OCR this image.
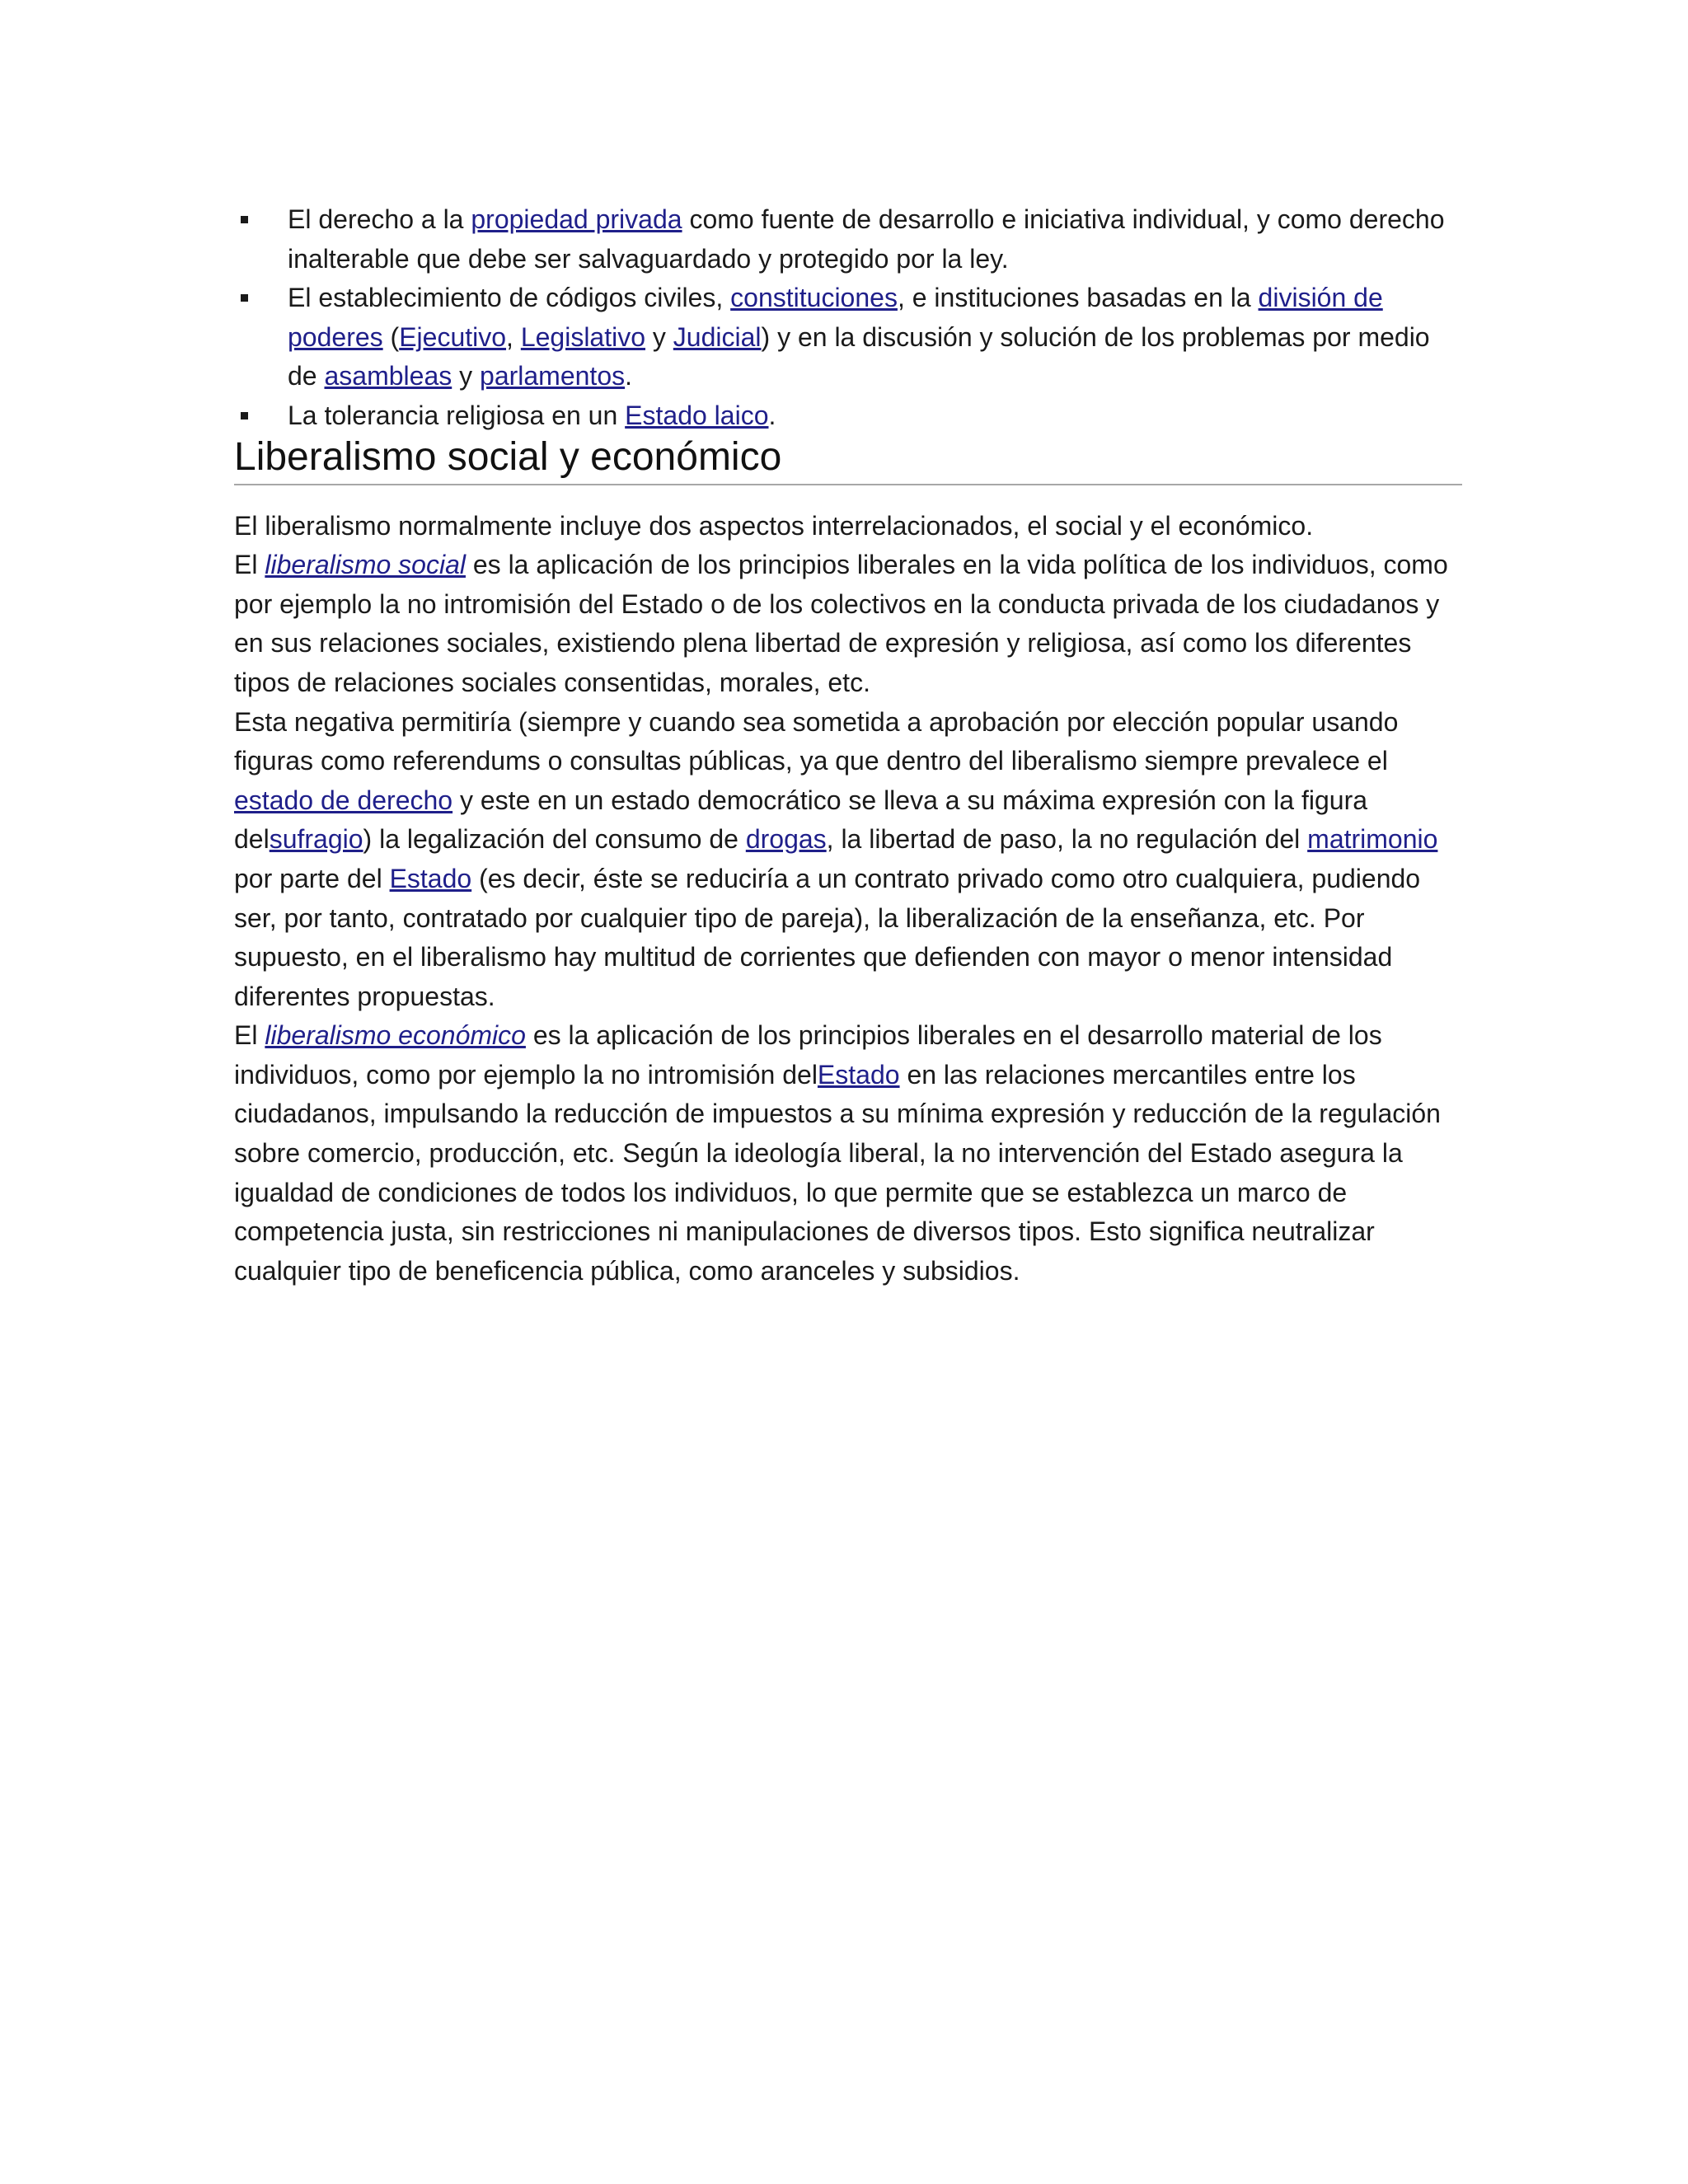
El derecho a la propiedad privada como fuente de desarrollo e iniciativa individual, y como derecho inalterable que debe ser salvaguardado y protegido por la ley.
El establecimiento de códigos civiles, constituciones, e instituciones basadas en la división de poderes (Ejecutivo, Legislativo y Judicial) y en la discusión y solución de los problemas por medio de asambleas y parlamentos.
La tolerancia religiosa en un Estado laico.
Liberalismo social y económico

El liberalismo normalmente incluye dos aspectos interrelacionados, el social y el económico.

El liberalismo social es la aplicación de los principios liberales en la vida política de los individuos, como por ejemplo la no intromisión del Estado o de los colectivos en la conducta privada de los ciudadanos y en sus relaciones sociales, existiendo plena libertad de expresión y religiosa, así como los diferentes tipos de relaciones sociales consentidas, morales, etc.

Esta negativa permitiría (siempre y cuando sea sometida a aprobación por elección popular usando figuras como referendums o consultas públicas, ya que dentro del liberalismo siempre prevalece el estado de derecho y este en un estado democrático se lleva a su máxima expresión con la figura delsufragio) la legalización del consumo de drogas, la libertad de paso, la no regulación del matrimonio por parte del Estado (es decir, éste se reduciría a un contrato privado como otro cualquiera, pudiendo ser, por tanto, contratado por cualquier tipo de pareja), la liberalización de la enseñanza, etc. Por supuesto, en el liberalismo hay multitud de corrientes que defienden con mayor o menor intensidad diferentes propuestas.

El liberalismo económico es la aplicación de los principios liberales en el desarrollo material de los individuos, como por ejemplo la no intromisión delEstado en las relaciones mercantiles entre los ciudadanos, impulsando la reducción de impuestos a su mínima expresión y reducción de la regulación sobre comercio, producción, etc. Según la ideología liberal, la no intervención del Estado asegura la igualdad de condiciones de todos los individuos, lo que permite que se establezca un marco de competencia justa, sin restricciones ni manipulaciones de diversos tipos. Esto significa neutralizar cualquier tipo de beneficencia pública, como aranceles y subsidios.
